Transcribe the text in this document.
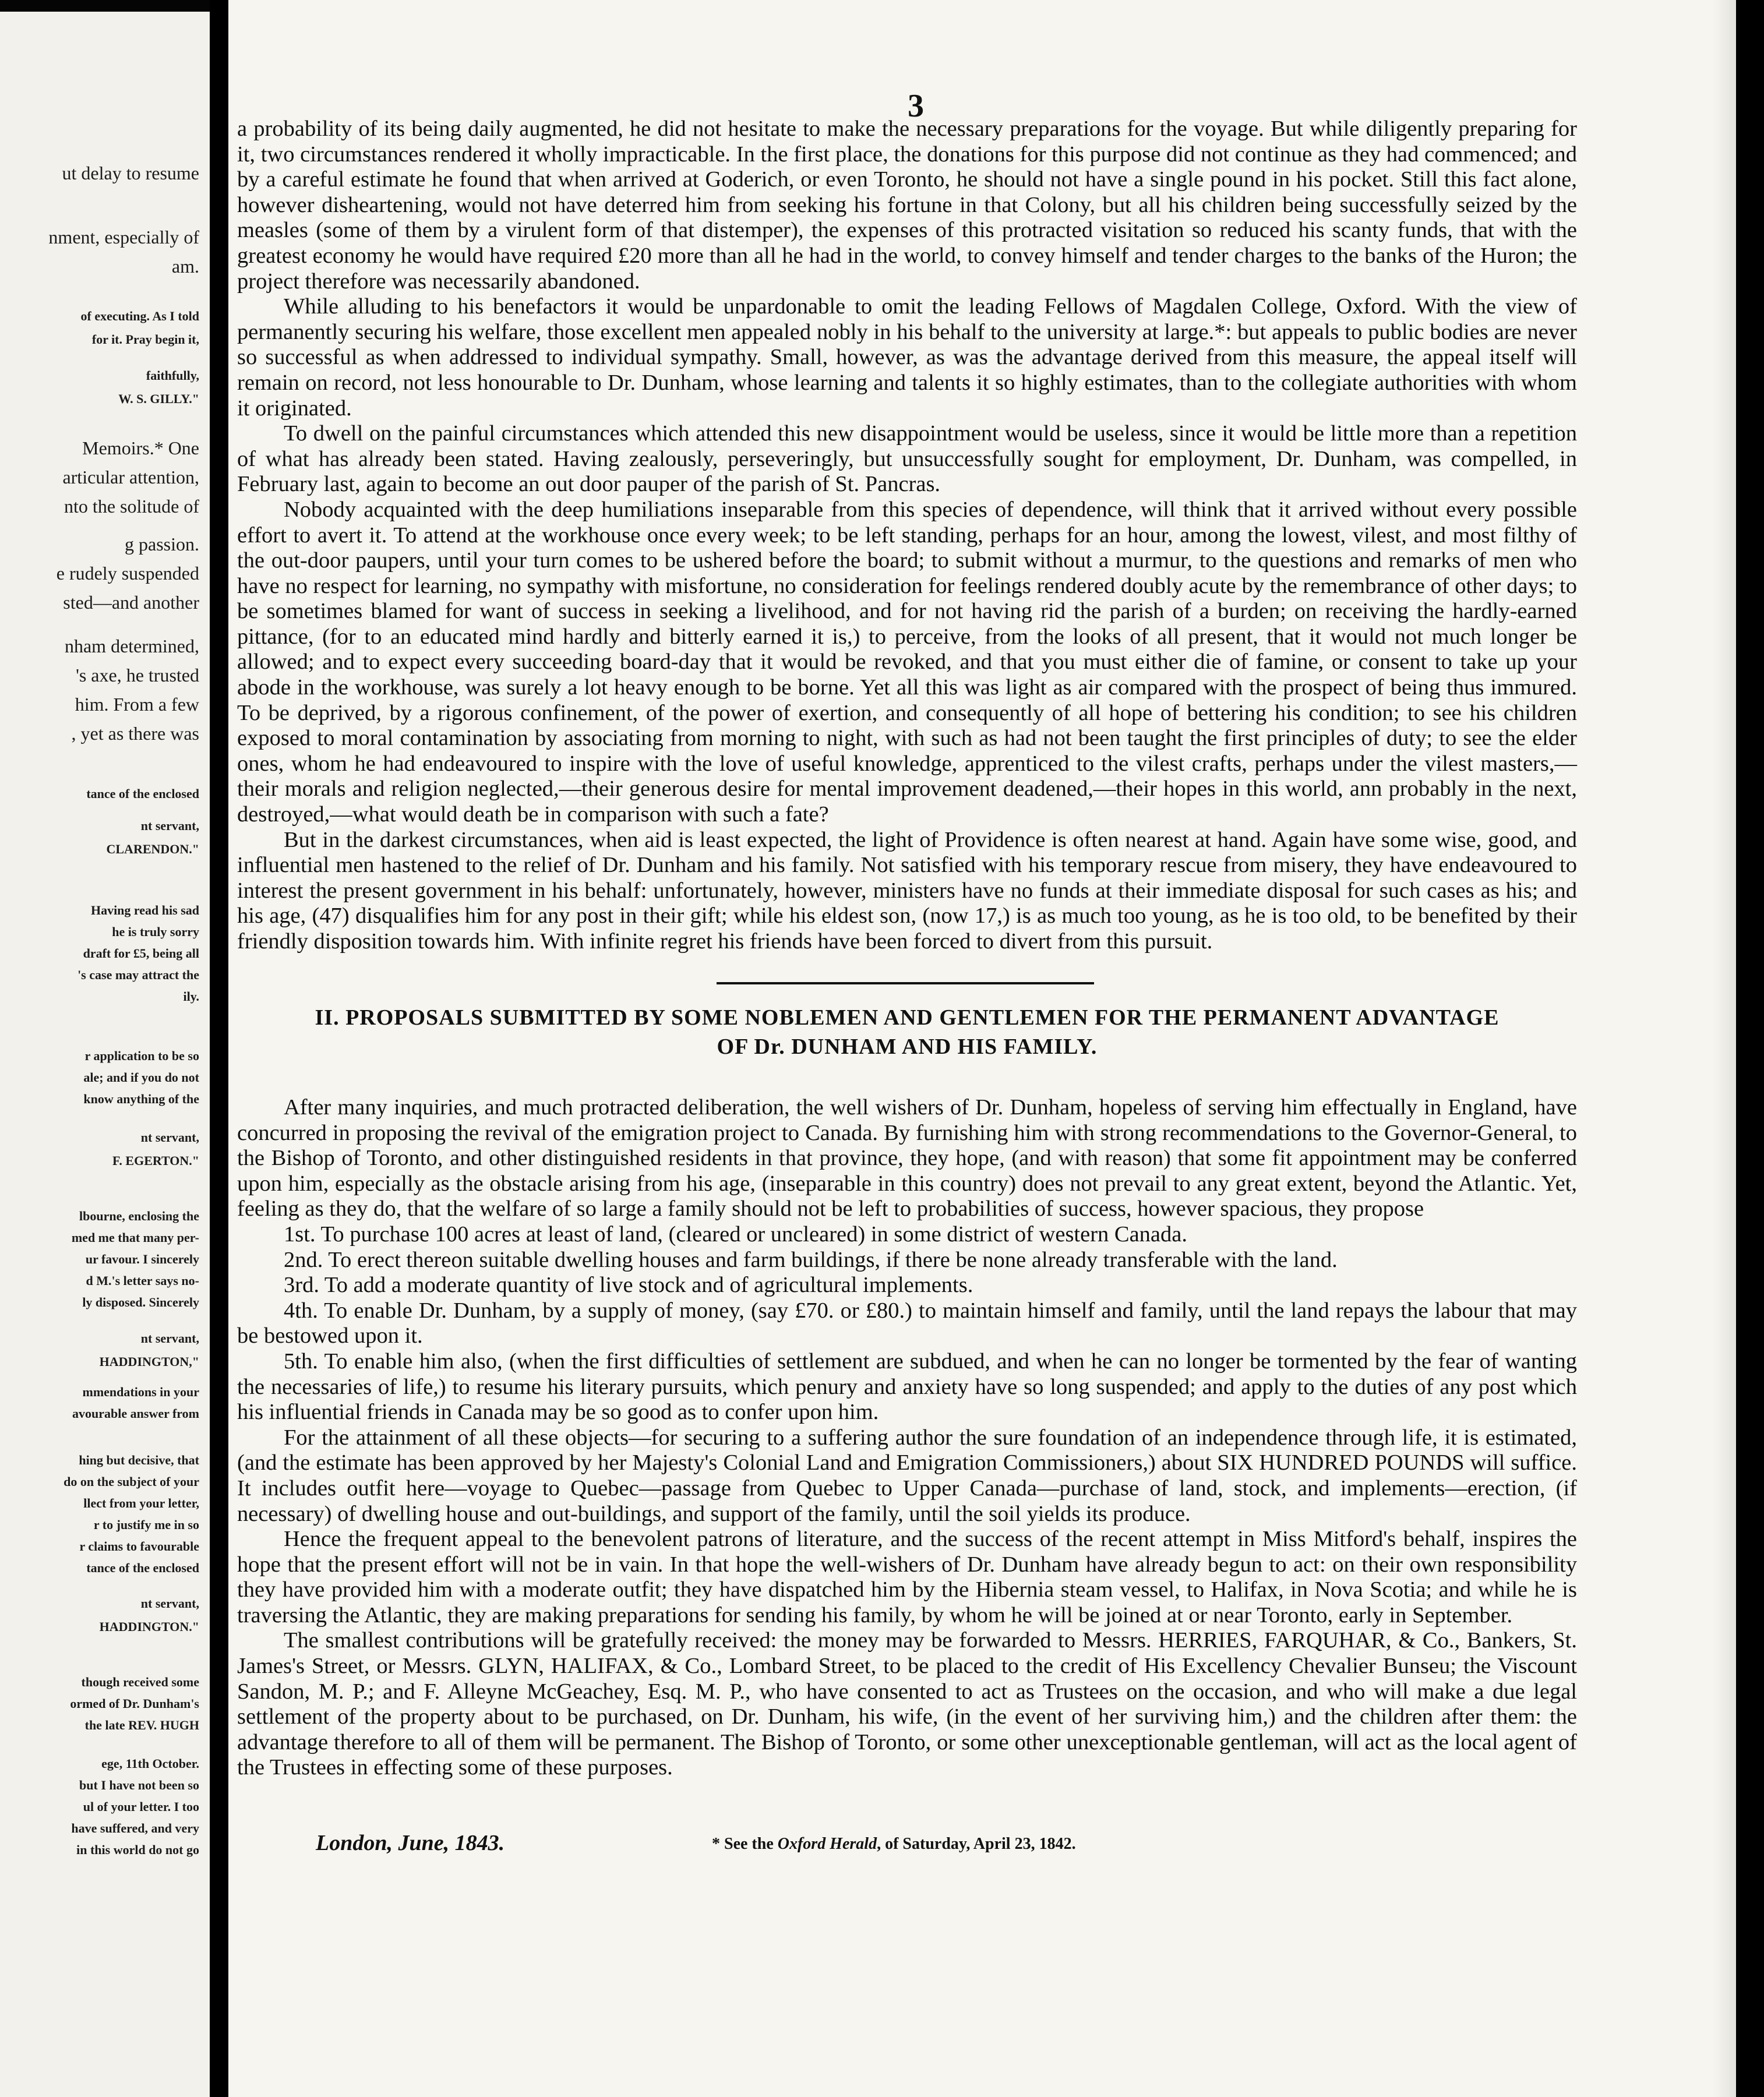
ut delay to resume
nment, especially of
am.
of executing. As I told
for it. Pray begin it,
faithfully,
W. S. GILLY."
Memoirs.* One
articular attention,
nto the solitude of
g passion.
e rudely suspended
sted—and another
nham determined,
's axe, he trusted
him. From a few
, yet as there was
tance of the enclosed
nt servant,
CLARENDON."
Having read his sad
he is truly sorry
draft for £5, being all
's case may attract the
ily.
r application to be so
ale; and if you do not
know anything of the
nt servant,
F. EGERTON."
lbourne, enclosing the
med me that many per-
ur favour. I sincerely
d M.'s letter says no-
ly disposed. Sincerely
nt servant,
HADDINGTON,"
mmendations in your
avourable answer from
hing but decisive, that
do on the subject of your
llect from your letter,
r to justify me in so
r claims to favourable
tance of the enclosed
nt servant,
HADDINGTON."
though received some
ormed of Dr. Dunham's
the late REV. HUGH
ege, 11th October.
but I have not been so
ul of your letter. I too
have suffered, and very
in this world do not go
3

a probability of its being daily augmented, he did not hesitate to make the necessary preparations for the voyage. But while diligently preparing for it, two circumstances rendered it wholly impracticable. In the first place, the donations for this purpose did not continue as they had commenced; and by a careful estimate he found that when arrived at Goderich, or even Toronto, he should not have a single pound in his pocket. Still this fact alone, however disheartening, would not have deterred him from seeking his fortune in that Colony, but all his children being successfully seized by the measles (some of them by a virulent form of that distemper), the expenses of this protracted visitation so reduced his scanty funds, that with the greatest economy he would have required £20 more than all he had in the world, to convey himself and tender charges to the banks of the Huron; the project therefore was necessarily abandoned.

While alluding to his benefactors it would be unpardonable to omit the leading Fellows of Magdalen College, Oxford. With the view of permanently securing his welfare, those excellent men appealed nobly in his behalf to the university at large.*: but appeals to public bodies are never so successful as when addressed to individual sympathy. Small, however, as was the advantage derived from this measure, the appeal itself will remain on record, not less honourable to Dr. Dunham, whose learning and talents it so highly estimates, than to the collegiate authorities with whom it originated.

To dwell on the painful circumstances which attended this new disappointment would be useless, since it would be little more than a repetition of what has already been stated. Having zealously, perseveringly, but unsuccessfully sought for employment, Dr. Dunham, was compelled, in February last, again to become an out door pauper of the parish of St. Pancras.

Nobody acquainted with the deep humiliations inseparable from this species of dependence, will think that it arrived without every possible effort to avert it. To attend at the workhouse once every week; to be left standing, perhaps for an hour, among the lowest, vilest, and most filthy of the out-door paupers, until your turn comes to be ushered before the board; to submit without a murmur, to the questions and remarks of men who have no respect for learning, no sympathy with misfortune, no consideration for feelings rendered doubly acute by the remembrance of other days; to be sometimes blamed for want of success in seeking a livelihood, and for not having rid the parish of a burden; on receiving the hardly-earned pittance, (for to an educated mind hardly and bitterly earned it is,) to perceive, from the looks of all present, that it would not much longer be allowed; and to expect every succeeding board-day that it would be revoked, and that you must either die of famine, or consent to take up your abode in the workhouse, was surely a lot heavy enough to be borne. Yet all this was light as air compared with the prospect of being thus immured. To be deprived, by a rigorous confinement, of the power of exertion, and consequently of all hope of bettering his condition; to see his children exposed to moral contamination by associating from morning to night, with such as had not been taught the first principles of duty; to see the elder ones, whom he had endeavoured to inspire with the love of useful knowledge, apprenticed to the vilest crafts, perhaps under the vilest masters,—their morals and religion neglected,—their generous desire for mental improvement deadened,—their hopes in this world, ann probably in the next, destroyed,—what would death be in comparison with such a fate?

But in the darkest circumstances, when aid is least expected, the light of Providence is often nearest at hand. Again have some wise, good, and influential men hastened to the relief of Dr. Dunham and his family. Not satisfied with his temporary rescue from misery, they have endeavoured to interest the present government in his behalf: unfortunately, however, ministers have no funds at their immediate disposal for such cases as his; and his age, (47) disqualifies him for any post in their gift; while his eldest son, (now 17,) is as much too young, as he is too old, to be benefited by their friendly disposition towards him. With infinite regret his friends have been forced to divert from this pursuit.

II. PROPOSALS SUBMITTED BY SOME NOBLEMEN AND GENTLEMEN FOR THE PERMANENT ADVANTAGE
OF Dr. DUNHAM AND HIS FAMILY.

After many inquiries, and much protracted deliberation, the well wishers of Dr. Dunham, hopeless of serving him effectually in England, have concurred in proposing the revival of the emigration project to Canada. By furnishing him with strong recommendations to the Governor-General, to the Bishop of Toronto, and other distinguished residents in that province, they hope, (and with reason) that some fit appointment may be conferred upon him, especially as the obstacle arising from his age, (inseparable in this country) does not prevail to any great extent, beyond the Atlantic. Yet, feeling as they do, that the welfare of so large a family should not be left to probabilities of success, however spacious, they propose

1st. To purchase 100 acres at least of land, (cleared or uncleared) in some district of western Canada.

2nd. To erect thereon suitable dwelling houses and farm buildings, if there be none already transferable with the land.

3rd. To add a moderate quantity of live stock and of agricultural implements.

4th. To enable Dr. Dunham, by a supply of money, (say £70. or £80.) to maintain himself and family, until the land repays the labour that may be bestowed upon it.

5th. To enable him also, (when the first difficulties of settlement are subdued, and when he can no longer be tormented by the fear of wanting the necessaries of life,) to resume his literary pursuits, which penury and anxiety have so long suspended; and apply to the duties of any post which his influential friends in Canada may be so good as to confer upon him.

For the attainment of all these objects—for securing to a suffering author the sure foundation of an independence through life, it is estimated, (and the estimate has been approved by her Majesty's Colonial Land and Emigration Commissioners,) about SIX HUNDRED POUNDS will suffice. It includes outfit here—voyage to Quebec—passage from Quebec to Upper Canada—purchase of land, stock, and implements—erection, (if necessary) of dwelling house and out-buildings, and support of the family, until the soil yields its produce.

Hence the frequent appeal to the benevolent patrons of literature, and the success of the recent attempt in Miss Mitford's behalf, inspires the hope that the present effort will not be in vain. In that hope the well-wishers of Dr. Dunham have already begun to act: on their own responsibility they have provided him with a moderate outfit; they have dispatched him by the Hibernia steam vessel, to Halifax, in Nova Scotia; and while he is traversing the Atlantic, they are making preparations for sending his family, by whom he will be joined at or near Toronto, early in September.

The smallest contributions will be gratefully received: the money may be forwarded to Messrs. HERRIES, FARQUHAR, & Co., Bankers, St. James's Street, or Messrs. GLYN, HALIFAX, & Co., Lombard Street, to be placed to the credit of His Excellency Chevalier Bunseu; the Viscount Sandon, M. P.; and F. Alleyne McGeachey, Esq. M. P., who have consented to act as Trustees on the occasion, and who will make a due legal settlement of the property about to be purchased, on Dr. Dunham, his wife, (in the event of her surviving him,) and the children after them: the advantage therefore to all of them will be permanent. The Bishop of Toronto, or some other unexceptionable gentleman, will act as the local agent of the Trustees in effecting some of these purposes.

London, June, 1843.	* See the Oxford Herald, of Saturday, April 23, 1842.
